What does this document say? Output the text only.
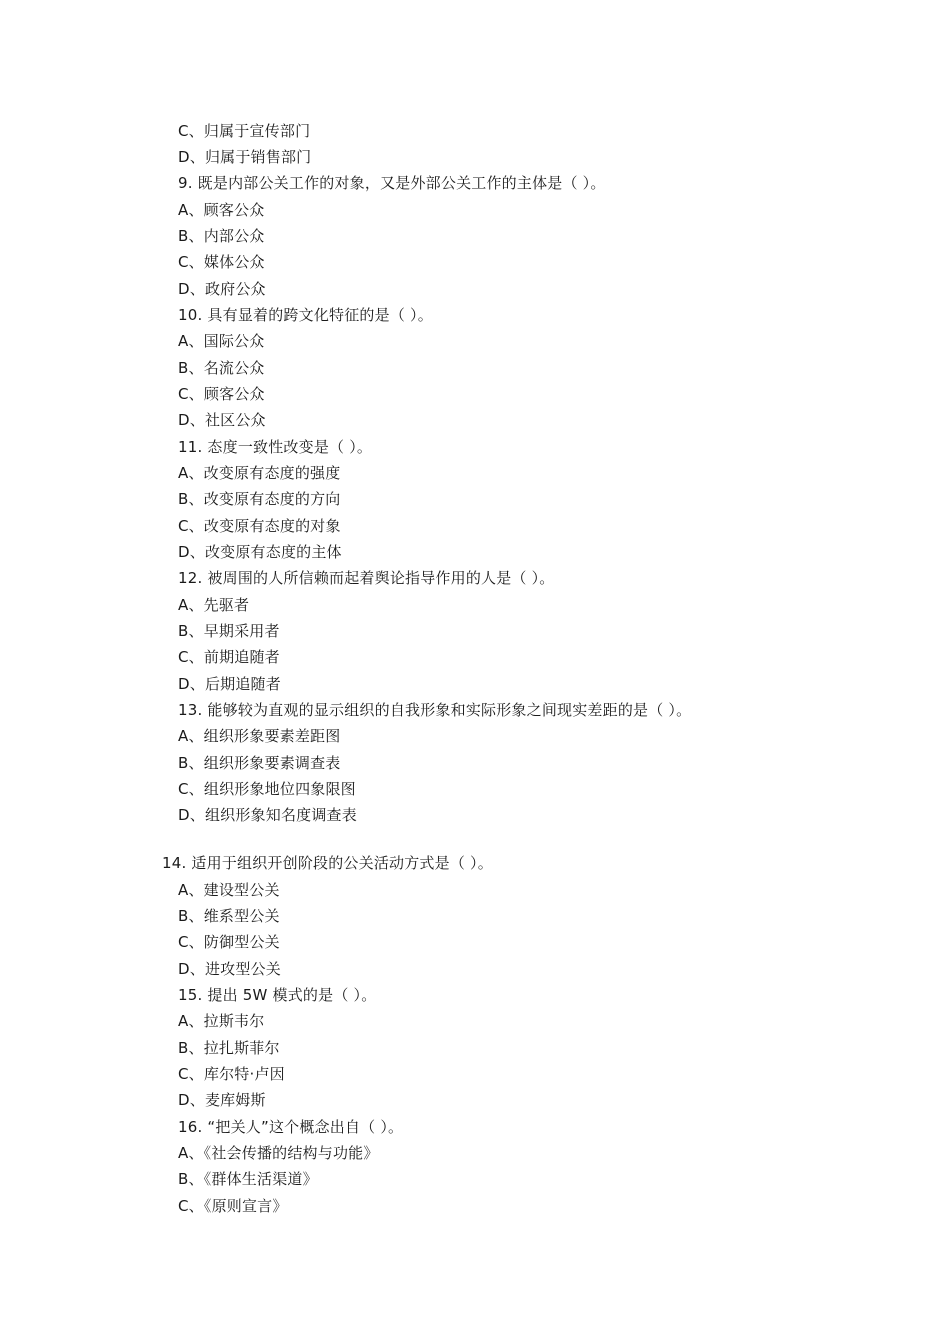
C、归属于宣传部门
D、归属于销售部门
9. 既是内部公关工作的对象，又是外部公关工作的主体是（ ）。
A、顾客公众
B、内部公众
C、媒体公众
D、政府公众
10. 具有显着的跨文化特征的是（ ）。
A、国际公众
B、名流公众
C、顾客公众
D、社区公众
11. 态度一致性改变是（ ）。
A、改变原有态度的强度
B、改变原有态度的方向
C、改变原有态度的对象
D、改变原有态度的主体
12. 被周围的人所信赖而起着舆论指导作用的人是（ ）。
A、先驱者
B、早期采用者
C、前期追随者
D、后期追随者
13. 能够较为直观的显示组织的自我形象和实际形象之间现实差距的是（ ）。
A、组织形象要素差距图
B、组织形象要素调查表
C、组织形象地位四象限图
D、组织形象知名度调查表
14. 适用于组织开创阶段的公关活动方式是（ ）。
A、建设型公关
B、维系型公关
C、防御型公关
D、进攻型公关
15. 提出 5W 模式的是（ ）。
A、拉斯韦尔
B、拉扎斯菲尔
C、库尔特·卢因
D、麦库姆斯
16. “把关人”这个概念出自（ ）。
A、《社会传播的结构与功能》
B、《群体生活渠道》
C、《原则宣言》
